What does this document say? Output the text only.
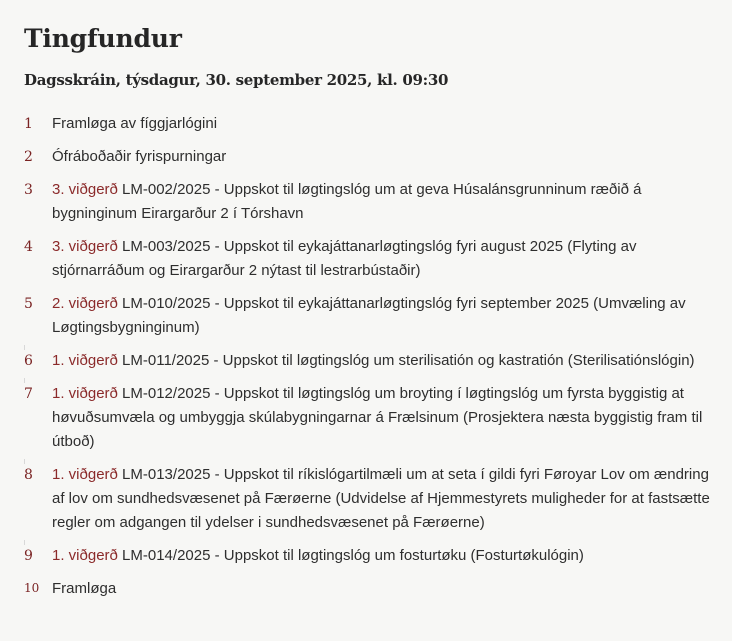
Tingfundur
Dagsskráin, týsdagur, 30. september 2025, kl. 09:30
1 Framløga av fíggjarlógini
2 Ófráboðaðir fyrispurningar
3 3. viðgerð LM-002/2025 - Uppskot til løgtingslóg um at geva Húsalánsgrunninum ræðið á bygninginum Eirargarður 2 í Tórshavn
4 3. viðgerð LM-003/2025 - Uppskot til eykajáttanarløgtingslóg fyri august 2025 (Flyting av stjórnarráðum og Eirargarður 2 nýtast til lestrarbústaðir)
5 2. viðgerð LM-010/2025 - Uppskot til eykajáttanarløgtingslóg fyri september 2025 (Umvæling av Løgtingsbygninginum)
6 1. viðgerð LM-011/2025 - Uppskot til løgtingslóg um sterilisatión og kastratión (Sterilisatiónslógin)
7 1. viðgerð LM-012/2025 - Uppskot til løgtingslóg um broyting í løgtingslóg um fyrsta byggistig at høvuðsumvæla og umbyggja skúlabygningarnar á Frælsinum (Prosjektera næsta byggistig fram til útboð)
8 1. viðgerð LM-013/2025 - Uppskot til ríkislógartilmæli um at seta í gildi fyri Føroyar Lov om ændring af lov om sundhedsvæsenet på Færøerne (Udvidelse af Hjemmestyrets muligheder for at fastsætte regler om adgangen til ydelser i sundhedsvæsenet på Færøerne)
9 1. viðgerð LM-014/2025 - Uppskot til løgtingslóg um fosturtøku (Fosturtøkulógin)
10 Framløga
